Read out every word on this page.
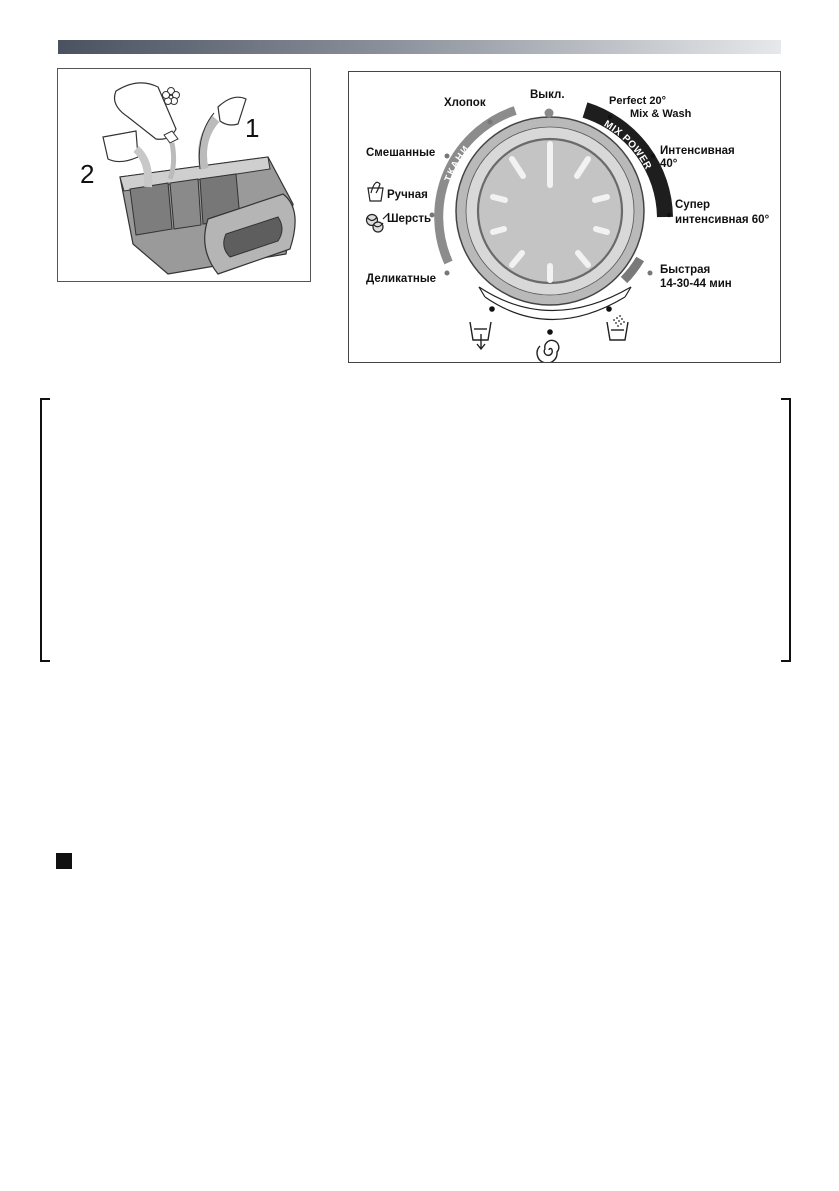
1
2	ТКАНИ
MIX POWER
Выкл.
Хлопок
Смешанные
Ручная
Шерсть
Деликатные
Perfect 20°
Mix & Wash
Интенсивная
40°
Супер
интенсивная 60°
Быстрая
14-30-44 мин
